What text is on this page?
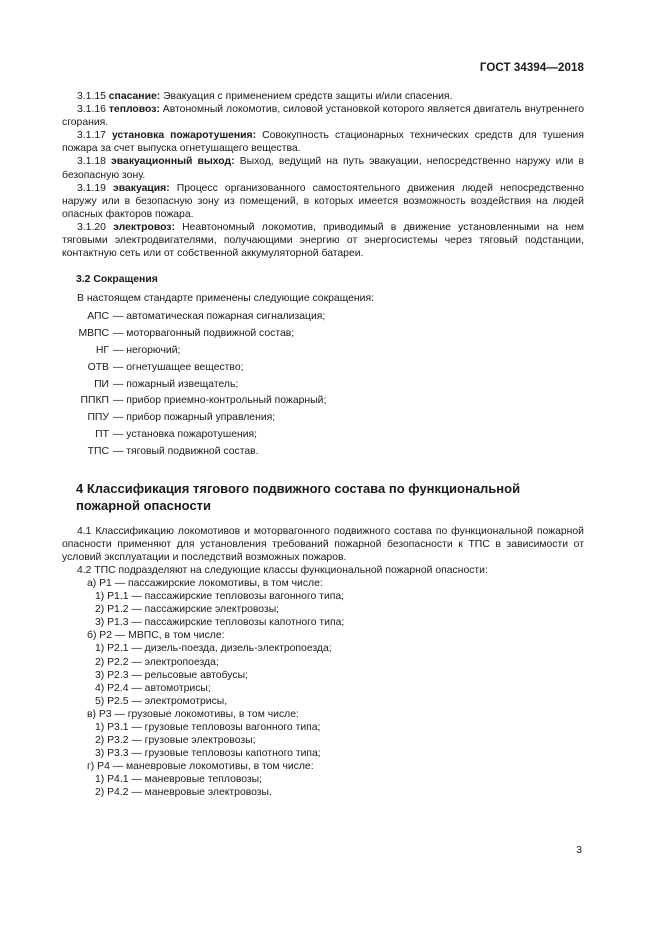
ГОСТ 34394—2018

3.1.15 спасание: Эвакуация с применением средств защиты и/или спасения.

3.1.16 тепловоз: Автономный локомотив, силовой установкой которого является двигатель внутреннего сгорания.

3.1.17 установка пожаротушения: Совокупность стационарных технических средств для тушения пожара за счет выпуска огнетушащего вещества.

3.1.18 эвакуационный выход: Выход, ведущий на путь эвакуации, непосредственно наружу или в безопасную зону.

3.1.19 эвакуация: Процесс организованного самостоятельного движения людей непосредственно наружу или в безопасную зону из помещений, в которых имеется возможность воздействия на людей опасных факторов пожара.

3.1.20 электровоз: Неавтономный локомотив, приводимый в движение установленными на нем тяговыми электродвигателями, получающими энергию от энергосистемы через тяговый подстанции, контактную сеть или от собственной аккумуляторной батареи.

3.2 Сокращения

В настоящем стандарте применены следующие сокращения:

АПС — автоматическая пожарная сигнализация;
МВПС — моторвагонный подвижной состав;
НГ — негорючий;
ОТВ — огнетушащее вещество;
ПИ — пожарный извещатель;
ППКП — прибор приемно-контрольный пожарный;
ППУ — прибор пожарный управления;
ПТ — установка пожаротушения;
ТПС — тяговый подвижной состав.
4 Классификация тягового подвижного состава по функциональной пожарной опасности

4.1 Классификацию локомотивов и моторвагонного подвижного состава по функциональной пожарной опасности применяют для установления требований пожарной безопасности к ТПС в зависимости от условий эксплуатации и последствий возможных пожаров.

4.2 ТПС подразделяют на следующие классы функциональной пожарной опасности:

а) Р1 — пассажирские локомотивы, в том числе:

1) Р1.1 — пассажирские тепловозы вагонного типа;

2) Р1.2 — пассажирские электровозы;

3) Р1.3 — пассажирские тепловозы капотного типа;

б) Р2 — МВПС, в том числе:

1) Р2.1 — дизель-поезда, дизель-электропоезда;

2) Р2.2 — электропоезда;

3) Р2.3 — рельсовые автобусы;

4) Р2.4 — автомотрисы;

5) Р2.5 — электромотрисы,

в) Р3 — грузовые локомотивы, в том числе:

1) Р3.1 — грузовые тепловозы вагонного типа;

2) Р3.2 — грузовые электровозы;

3) Р3.3 — грузовые тепловозы капотного типа;

г) Р4 — маневровые локомотивы, в том числе:

1) Р4.1 — маневровые тепловозы;

2) Р4.2 — маневровые электровозы.

3
